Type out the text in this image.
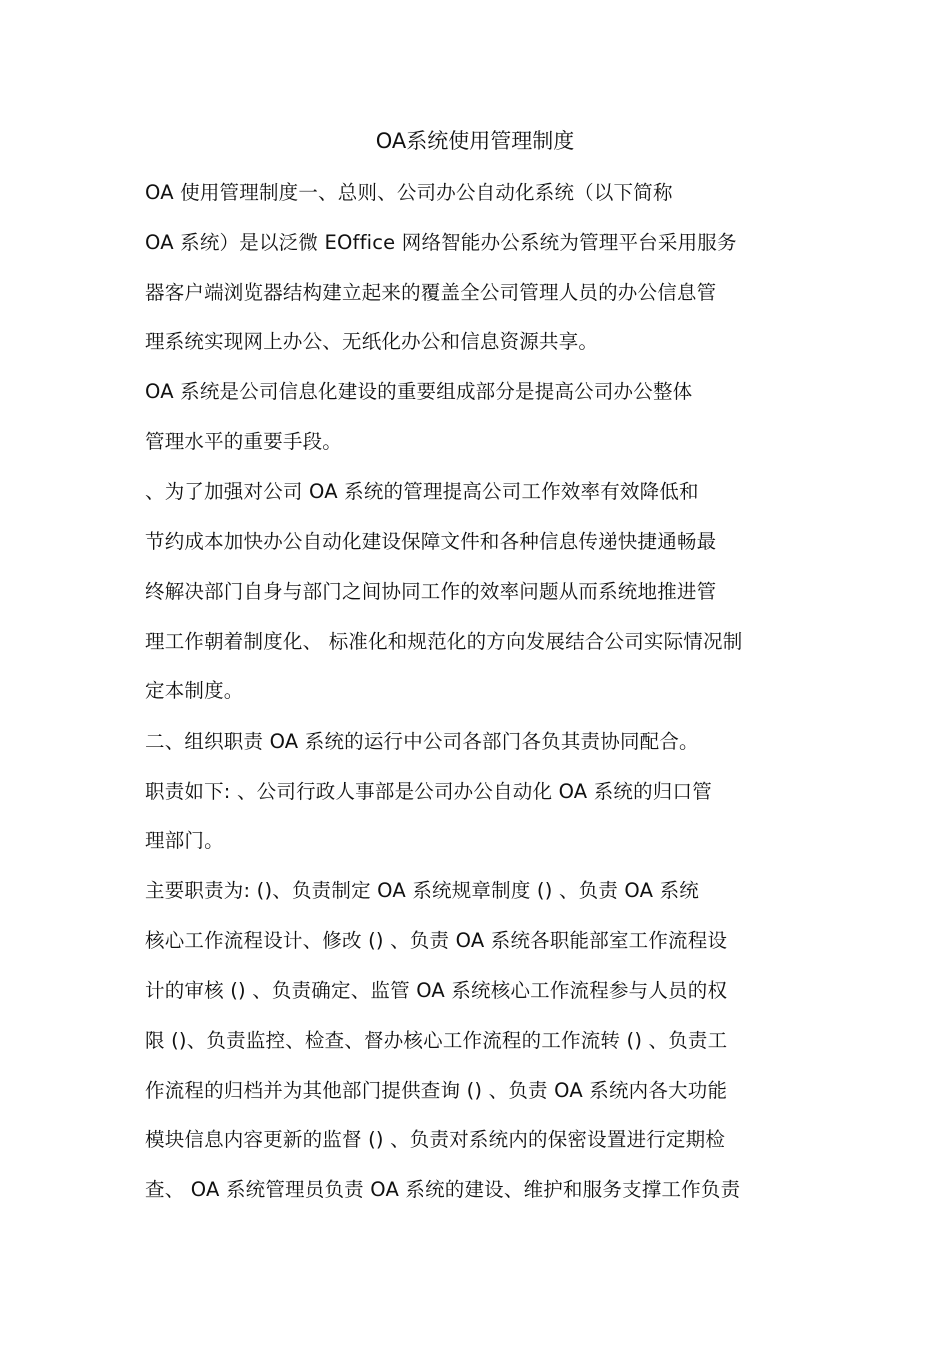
OA系统使用管理制度
OA 使用管理制度一、总则、公司办公自动化系统（以下简称
OA 系统）是以泛微 EOffice 网络智能办公系统为管理平台采用服务
器客户端浏览器结构建立起来的覆盖全公司管理人员的办公信息管
理系统实现网上办公、无纸化办公和信息资源共享。
OA 系统是公司信息化建设的重要组成部分是提高公司办公整体
管理水平的重要手段。
、为了加强对公司 OA 系统的管理提高公司工作效率有效降低和
节约成本加快办公自动化建设保障文件和各种信息传递快捷通畅最
终解决部门自身与部门之间协同工作的效率问题从而系统地推进管
理工作朝着制度化、 标准化和规范化的方向发展结合公司实际情况制
定本制度。
二、组织职责 OA 系统的运行中公司各部门各负其责协同配合。
职责如下: 、公司行政人事部是公司办公自动化 OA 系统的归口管
理部门。
主要职责为: ()、负责制定 OA 系统规章制度 () 、负责 OA 系统
核心工作流程设计、修改 () 、负责 OA 系统各职能部室工作流程设
计的审核 () 、负责确定、监管 OA 系统核心工作流程参与人员的权
限 ()、负责监控、检查、督办核心工作流程的工作流转 () 、负责工
作流程的归档并为其他部门提供查询 () 、负责 OA 系统内各大功能
模块信息内容更新的监督 () 、负责对系统内的保密设置进行定期检
查、 OA 系统管理员负责 OA 系统的建设、维护和服务支撑工作负责
